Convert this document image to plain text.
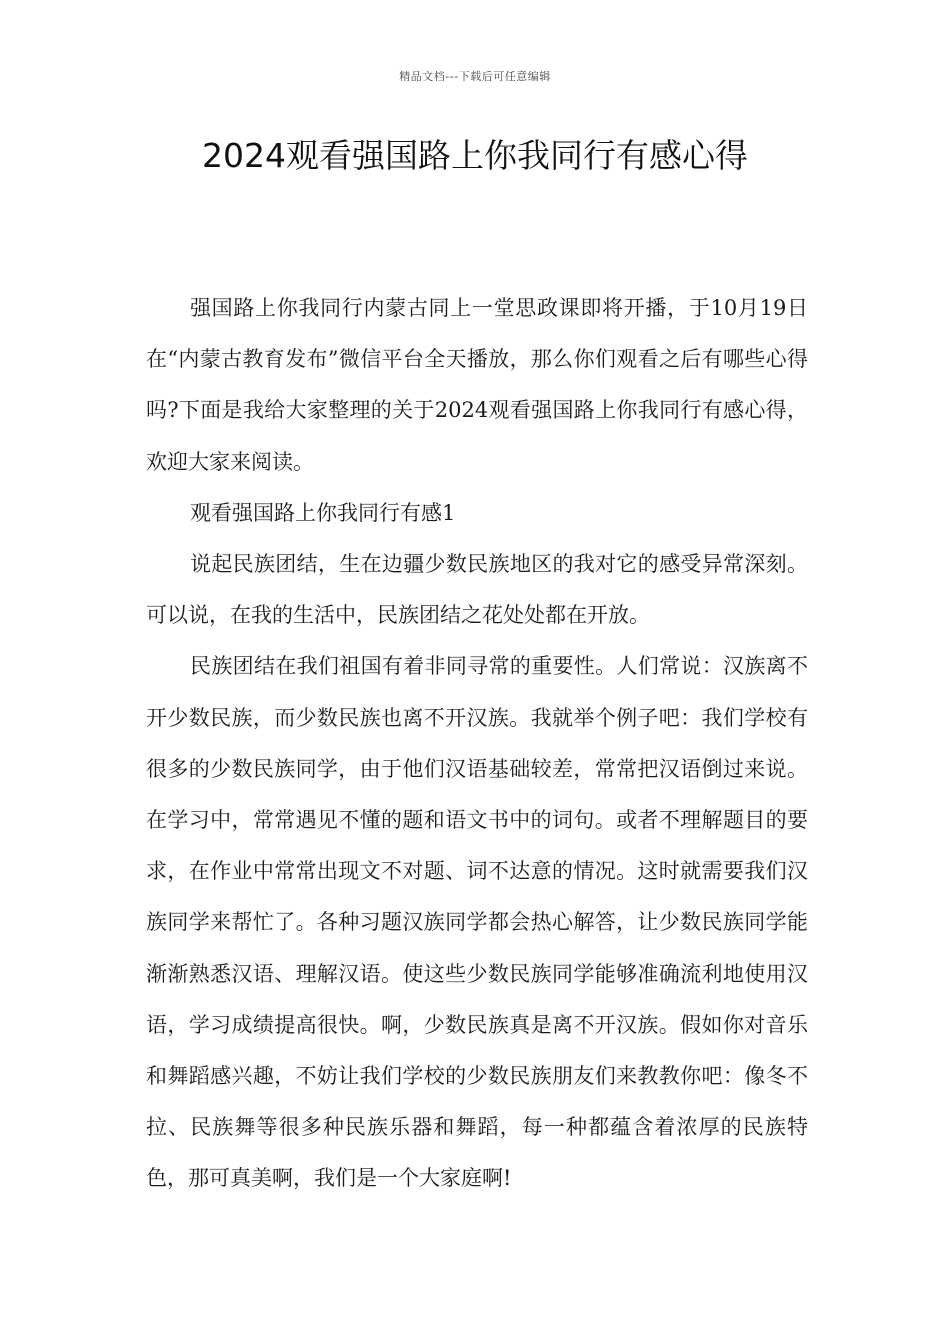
精品文档---下载后可任意编辑
2024观看强国路上你我同行有感心得

强国路上你我同行内蒙古同上一堂思政课即将开播，于10月19日在“内蒙古教育发布”微信平台全天播放，那么你们观看之后有哪些心得吗?下面是我给大家整理的关于2024观看强国路上你我同行有感心得，欢迎大家来阅读。

观看强国路上你我同行有感1

说起民族团结，生在边疆少数民族地区的我对它的感受异常深刻。可以说，在我的生活中，民族团结之花处处都在开放。

民族团结在我们祖国有着非同寻常的重要性。人们常说：汉族离不开少数民族，而少数民族也离不开汉族。我就举个例子吧：我们学校有很多的少数民族同学，由于他们汉语基础较差，常常把汉语倒过来说。在学习中，常常遇见不懂的题和语文书中的词句。或者不理解题目的要求，在作业中常常出现文不对题、词不达意的情况。这时就需要我们汉族同学来帮忙了。各种习题汉族同学都会热心解答，让少数民族同学能渐渐熟悉汉语、理解汉语。使这些少数民族同学能够准确流利地使用汉语，学习成绩提高很快。啊，少数民族真是离不开汉族。假如你对音乐和舞蹈感兴趣，不妨让我们学校的少数民族朋友们来教教你吧：像冬不拉、民族舞等很多种民族乐器和舞蹈，每一种都蕴含着浓厚的民族特色，那可真美啊，我们是一个大家庭啊!
